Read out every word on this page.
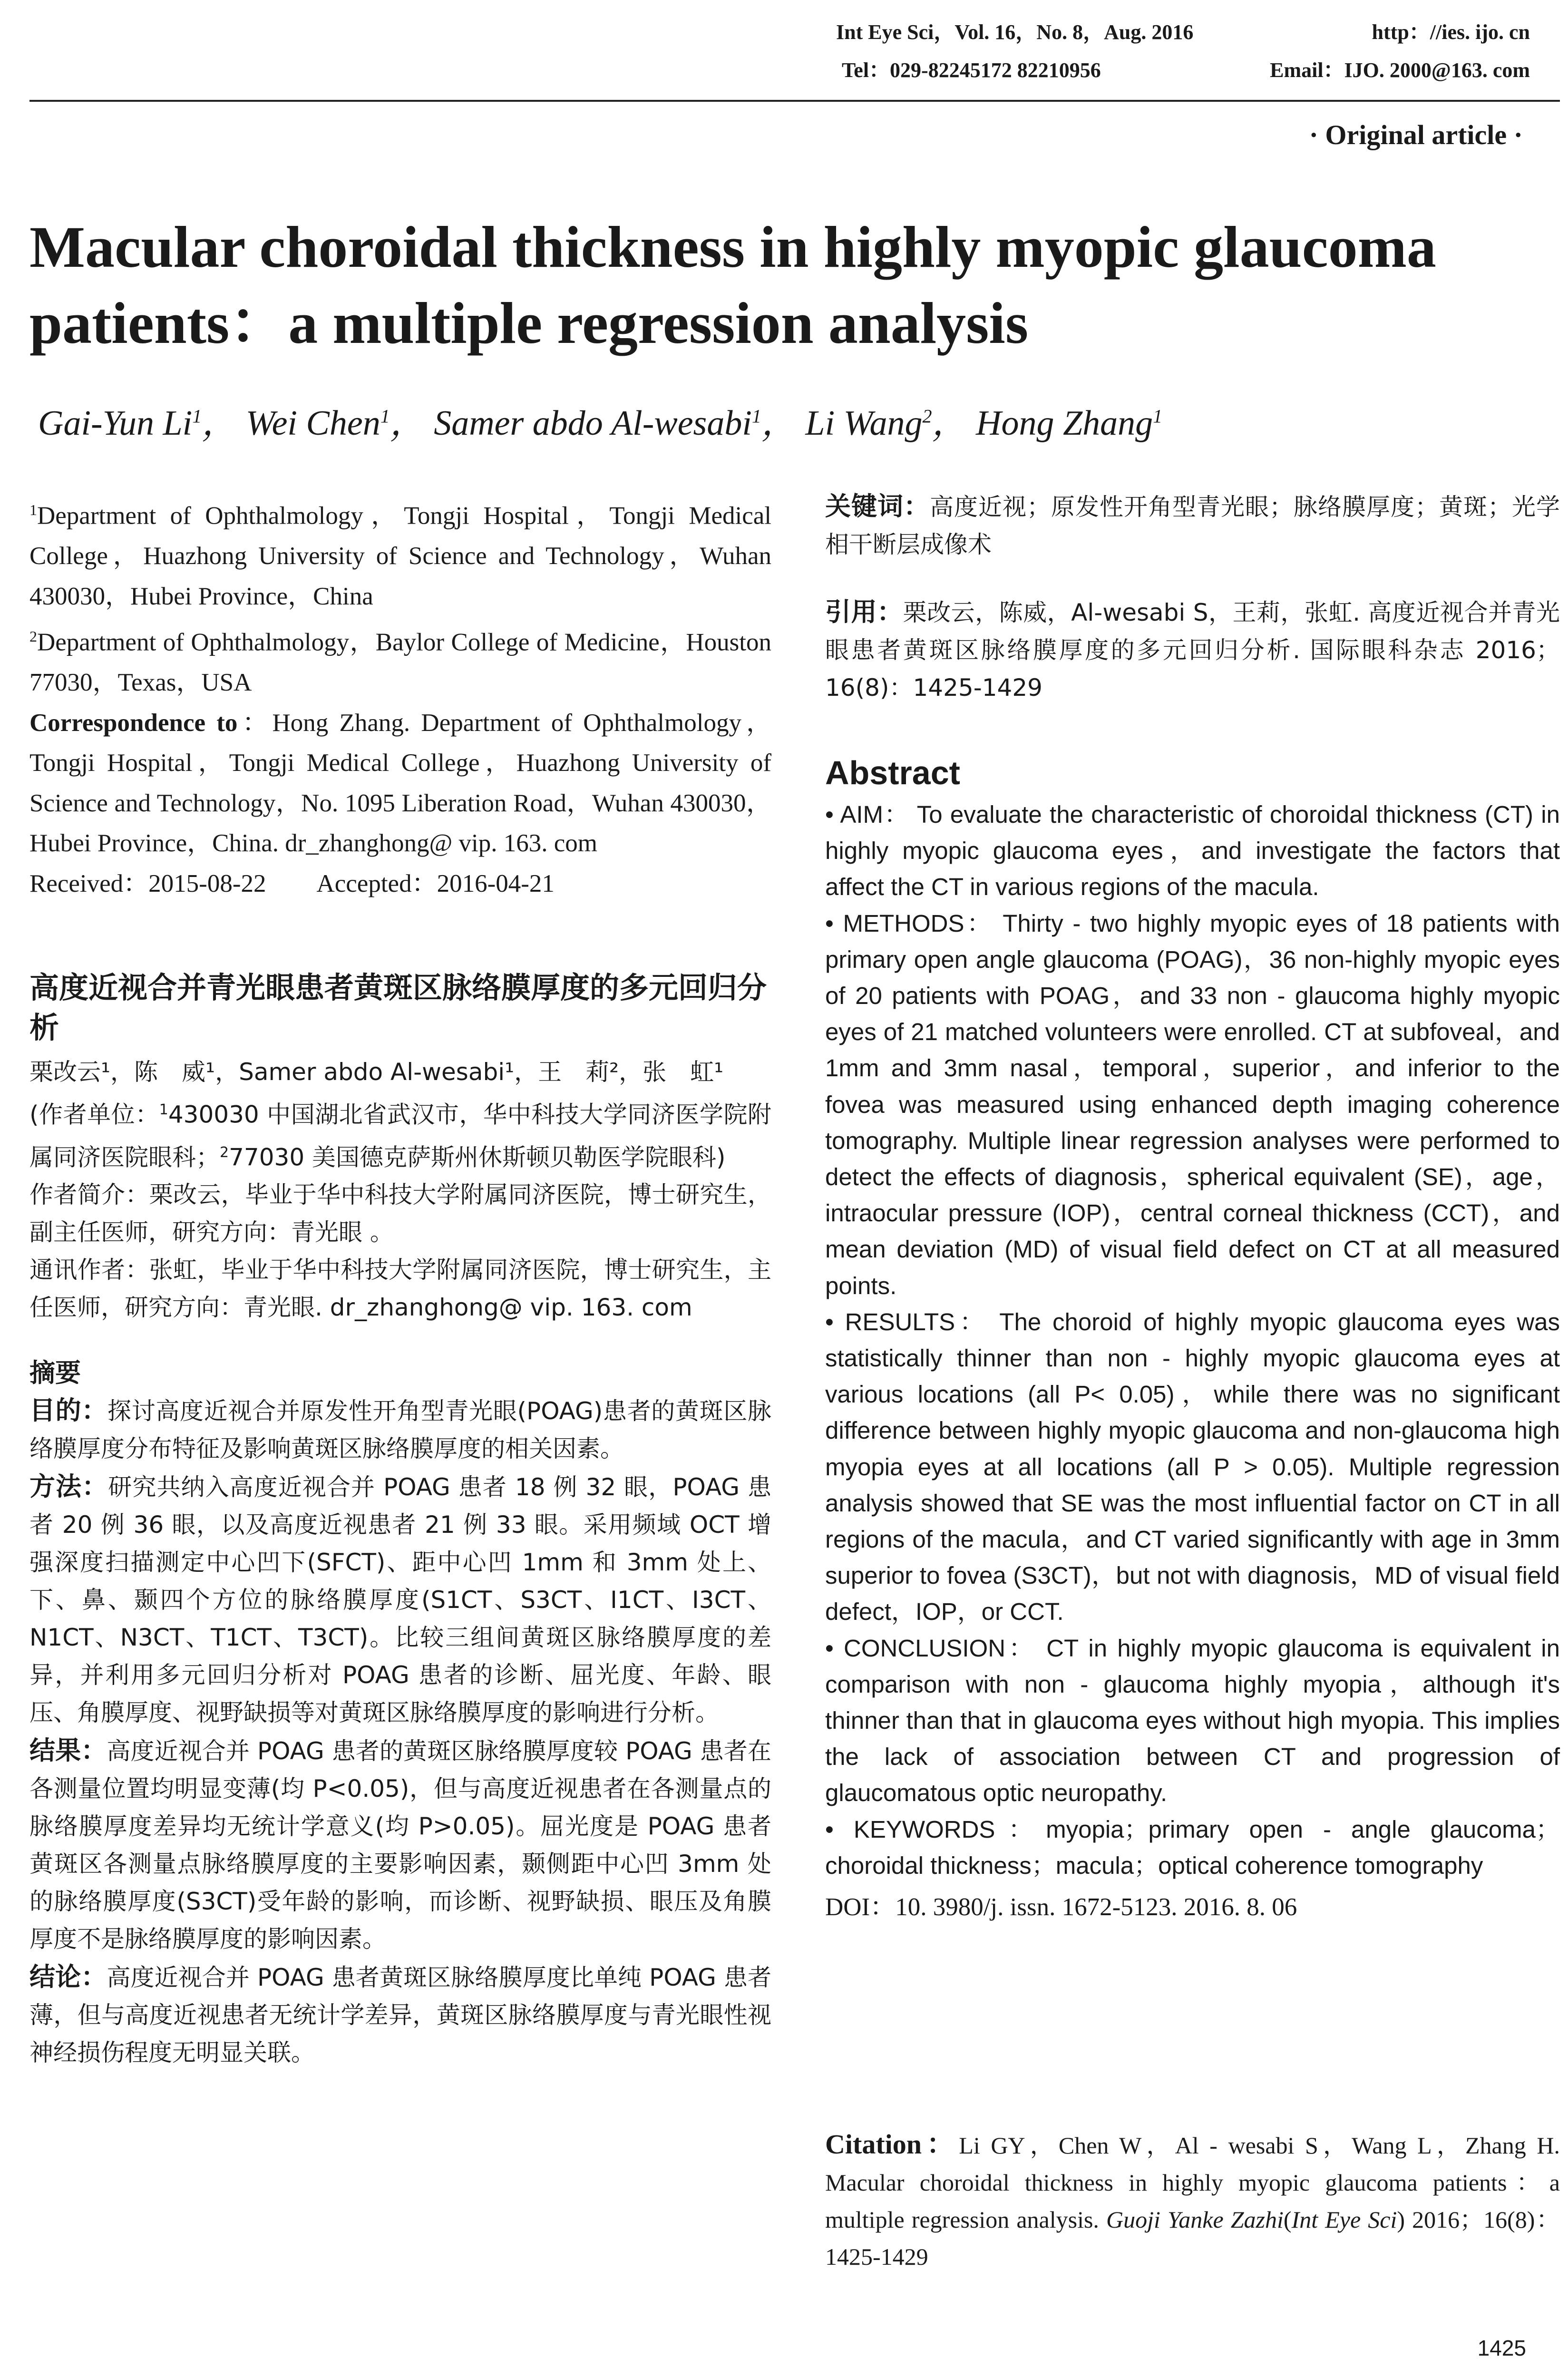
Int Eye Sci，Vol. 16，No. 8，Aug. 2016	http：//ies. ijo. cn
Tel：029-82245172 82210956	Email：IJO. 2000@163. com
· Original article ·
Macular choroidal thickness in highly myopic glaucoma
patients：a multiple regression analysis
Gai-Yun Li$^1$， Wei Chen$^1$， Samer abdo Al-wesabi$^1$， Li Wang$^2$， Hong Zhang$^1$

$^1$Department of Ophthalmology，Tongji Hospital，Tongji Medical College，Huazhong University of Science and Technology，Wuhan 430030，Hubei Province，China

$^2$Department of Ophthalmology，Baylor College of Medicine，Houston 77030，Texas，USA

Correspondence to：Hong Zhang. Department of Ophthalmology，Tongji Hospital，Tongji Medical College，Huazhong University of Science and Technology，No. 1095 Liberation Road，Wuhan 430030，Hubei Province，China. dr_zhanghong@ vip. 163. com

Received：2015-08-22 Accepted：2016-04-21

高度近视合并青光眼患者黄斑区脉络膜厚度的多元回归分析

栗改云¹，陈　威¹，Samer abdo Al-wesabi¹，王　莉²，张　虹¹

(作者单位：$^1$430030 中国湖北省武汉市，华中科技大学同济医学院附属同济医院眼科；$^2$77030 美国德克萨斯州休斯顿贝勒医学院眼科)

作者简介：栗改云，毕业于华中科技大学附属同济医院，博士研究生，副主任医师，研究方向：青光眼 。

通讯作者：张虹，毕业于华中科技大学附属同济医院，博士研究生，主任医师，研究方向：青光眼. dr_zhanghong@ vip. 163. com

摘要

目的：探讨高度近视合并原发性开角型青光眼(POAG)患者的黄斑区脉络膜厚度分布特征及影响黄斑区脉络膜厚度的相关因素。

方法：研究共纳入高度近视合并 POAG 患者 18 例 32 眼，POAG 患者 20 例 36 眼，以及高度近视患者 21 例 33 眼。采用频域 OCT 增强深度扫描测定中心凹下(SFCT)、距中心凹 1mm 和 3mm 处上、下、鼻、颞四个方位的脉络膜厚度(S1CT、S3CT、I1CT、I3CT、N1CT、N3CT、T1CT、T3CT)。比较三组间黄斑区脉络膜厚度的差异，并利用多元回归分析对 POAG 患者的诊断、屈光度、年龄、眼压、角膜厚度、视野缺损等对黄斑区脉络膜厚度的影响进行分析。

结果：高度近视合并 POAG 患者的黄斑区脉络膜厚度较 POAG 患者在各测量位置均明显变薄(均 P<0.05)，但与高度近视患者在各测量点的脉络膜厚度差异均无统计学意义(均 P>0.05)。屈光度是 POAG 患者黄斑区各测量点脉络膜厚度的主要影响因素，颞侧距中心凹 3mm 处的脉络膜厚度(S3CT)受年龄的影响，而诊断、视野缺损、眼压及角膜厚度不是脉络膜厚度的影响因素。

结论：高度近视合并 POAG 患者黄斑区脉络膜厚度比单纯 POAG 患者薄，但与高度近视患者无统计学差异，黄斑区脉络膜厚度与青光眼性视神经损伤程度无明显关联。

关键词：高度近视；原发性开角型青光眼；脉络膜厚度；黄斑；光学相干断层成像术

引用：栗改云，陈威，Al-wesabi S，王莉，张虹. 高度近视合并青光眼患者黄斑区脉络膜厚度的多元回归分析. 国际眼科杂志 2016；16(8)：1425-1429

Abstract

• AIM： To evaluate the characteristic of choroidal thickness (CT) in highly myopic glaucoma eyes，and investigate the factors that affect the CT in various regions of the macula.

• METHODS： Thirty - two highly myopic eyes of 18 patients with primary open angle glaucoma (POAG)，36 non-highly myopic eyes of 20 patients with POAG，and 33 non - glaucoma highly myopic eyes of 21 matched volunteers were enrolled. CT at subfoveal，and 1mm and 3mm nasal，temporal，superior，and inferior to the fovea was measured using enhanced depth imaging coherence tomography. Multiple linear regression analyses were performed to detect the effects of diagnosis，spherical equivalent (SE)，age，intraocular pressure (IOP)，central corneal thickness (CCT)，and mean deviation (MD) of visual field defect on CT at all measured points.

• RESULTS： The choroid of highly myopic glaucoma eyes was statistically thinner than non - highly myopic glaucoma eyes at various locations (all P< 0.05)，while there was no significant difference between highly myopic glaucoma and non-glaucoma high myopia eyes at all locations (all P > 0.05). Multiple regression analysis showed that SE was the most influential factor on CT in all regions of the macula，and CT varied significantly with age in 3mm superior to fovea (S3CT)，but not with diagnosis，MD of visual field defect，IOP，or CCT.

• CONCLUSION： CT in highly myopic glaucoma is equivalent in comparison with non - glaucoma highly myopia，although it's thinner than that in glaucoma eyes without high myopia. This implies the lack of association between CT and progression of glaucomatous optic neuropathy.

• KEYWORDS：myopia；primary open - angle glaucoma；choroidal thickness；macula；optical coherence tomography

DOI：10. 3980/j. issn. 1672-5123. 2016. 8. 06

Citation：Li GY，Chen W，Al - wesabi S，Wang L，Zhang H. Macular choroidal thickness in highly myopic glaucoma patients：a multiple regression analysis. Guoji Yanke Zazhi(Int Eye Sci) 2016；16(8)：1425-1429

1425
